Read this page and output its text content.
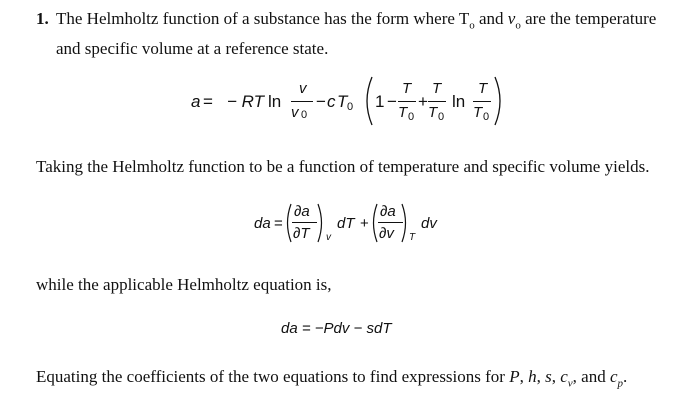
1. The Helmholtz function of a substance has the form where $T_o$ and $v_o$ are the temperature
and specific volume at a reference state.
a = − RT ln
v
v 0
− c T 0 1 −
T
T 0
+
T
T 0
ln
T
T 0
Taking the Helmholtz function to be a function of temperature and specific volume yields.
da =
∂a
∂T v
dT +
∂a
∂v T
dv
while the applicable Helmholtz equation is,
da = −Pdv − sdT
Equating the coefficients of the two equations to find expressions for P, h, s, $c_v$, and $c_p$.
